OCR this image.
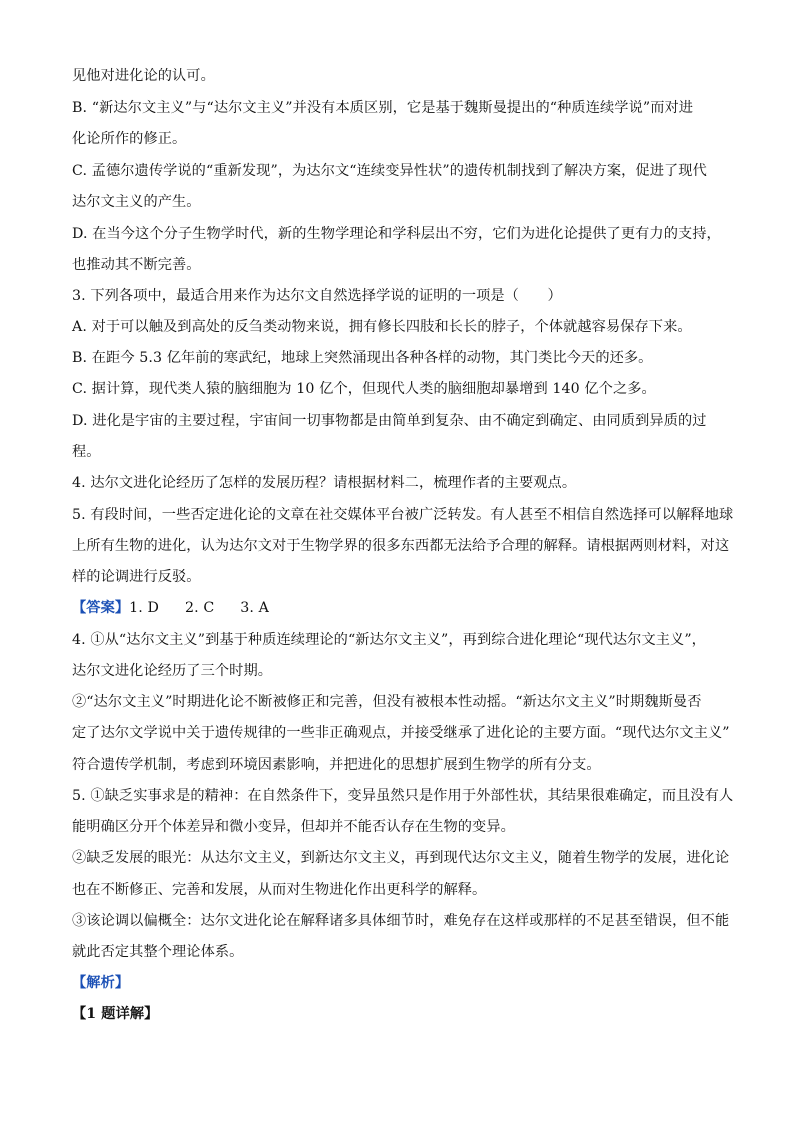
见他对进化论的认可。
B. “新达尔文主义”与“达尔文主义”并没有本质区别，它是基于魏斯曼提出的“种质连续学说”而对进
化论所作的修正。
C. 孟德尔遗传学说的“重新发现”，为达尔文“连续变异性状”的遗传机制找到了解决方案，促进了现代
达尔文主义的产生。
D. 在当今这个分子生物学时代，新的生物学理论和学科层出不穷，它们为进化论提供了更有力的支持，
也推动其不断完善。
3. 下列各项中，最适合用来作为达尔文自然选择学说的证明的一项是（　　）
A. 对于可以触及到高处的反刍类动物来说，拥有修长四肢和长长的脖子，个体就越容易保存下来。
B. 在距今 5.3 亿年前的寒武纪，地球上突然涌现出各种各样的动物，其门类比今天的还多。
C. 据计算，现代类人猿的脑细胞为 10 亿个，但现代人类的脑细胞却暴增到 140 亿个之多。
D. 进化是宇宙的主要过程，宇宙间一切事物都是由简单到复杂、由不确定到确定、由同质到异质的过
程。
4. 达尔文进化论经历了怎样的发展历程？请根据材料二，梳理作者的主要观点。
5. 有段时间，一些否定进化论的文章在社交媒体平台被广泛转发。有人甚至不相信自然选择可以解释地球
上所有生物的进化，认为达尔文对于生物学界的很多东西都无法给予合理的解释。请根据两则材料，对这
样的论调进行反驳。
【答案】1. D 2. C 3. A
4. ①从“达尔文主义”到基于种质连续理论的“新达尔文主义”，再到综合进化理论“现代达尔文主义”，
达尔文进化论经历了三个时期。
②“达尔文主义”时期进化论不断被修正和完善，但没有被根本性动摇。“新达尔文主义”时期魏斯曼否
定了达尔文学说中关于遗传规律的一些非正确观点，并接受继承了进化论的主要方面。“现代达尔文主义”
符合遗传学机制，考虑到环境因素影响，并把进化的思想扩展到生物学的所有分支。
5. ①缺乏实事求是的精神：在自然条件下，变异虽然只是作用于外部性状，其结果很难确定，而且没有人
能明确区分开个体差异和微小变异，但却并不能否认存在生物的变异。
②缺乏发展的眼光：从达尔文主义，到新达尔文主义，再到现代达尔文主义，随着生物学的发展，进化论
也在不断修正、完善和发展，从而对生物进化作出更科学的解释。
③该论调以偏概全：达尔文进化论在解释诸多具体细节时，难免存在这样或那样的不足甚至错误，但不能
就此否定其整个理论体系。
【解析】
【1 题详解】
